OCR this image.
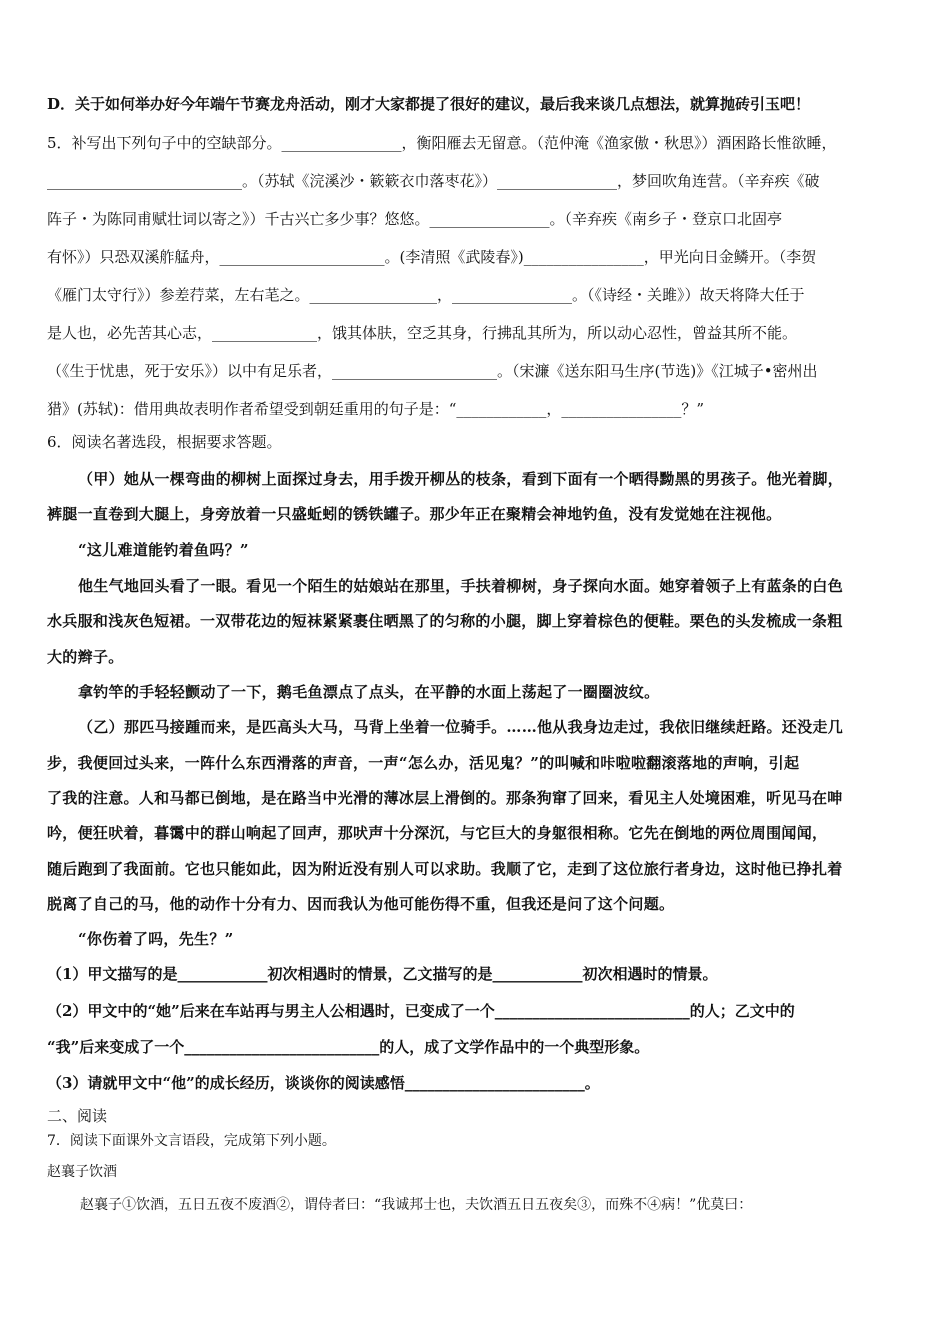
D．关于如何举办好今年端午节赛龙舟活动，刚才大家都提了很好的建议，最后我来谈几点想法，就算抛砖引玉吧！
5．补写出下列句子中的空缺部分。________________，衡阳雁去无留意。（范仲淹《渔家傲・秋思》）酒困路长惟欲睡，
__________________________。（苏轼《浣溪沙・簌簌衣巾落枣花》）________________，梦回吹角连营。（辛弃疾《破
阵子・为陈同甫赋壮词以寄之》）千古兴亡多少事？悠悠。________________。（辛弃疾《南乡子・登京口北固亭
有怀》）只恐双溪舴艋舟，______________________。(李清照《武陵春》)________________，甲光向日金鳞开。（李贺
《雁门太守行》）参差荇菜，左右芼之。_________________，________________。（《诗经・关雎》）故天将降大任于
是人也，必先苦其心志，______________，饿其体肤，空乏其身，行拂乱其所为，所以动心忍性，曾益其所不能。
（《生于忧患，死于安乐》）以中有足乐者，______________________。（宋濂《送东阳马生序(节选)》《江城子•密州出
猎》(苏轼)：借用典故表明作者希望受到朝廷重用的句子是：“____________，________________？”
6．阅读名著选段，根据要求答题。
（甲）她从一棵弯曲的柳树上面探过身去，用手拨开柳丛的枝条，看到下面有一个晒得黝黑的男孩子。他光着脚，
裤腿一直卷到大腿上，身旁放着一只盛蚯蚓的锈铁罐子。那少年正在聚精会神地钓鱼，没有发觉她在注视他。
“这儿难道能钓着鱼吗？”
他生气地回头看了一眼。看见一个陌生的姑娘站在那里，手扶着柳树，身子探向水面。她穿着领子上有蓝条的白色
水兵服和浅灰色短裙。一双带花边的短袜紧紧裹住晒黑了的匀称的小腿，脚上穿着棕色的便鞋。栗色的头发梳成一条粗
大的辫子。
拿钓竿的手轻轻颤动了一下，鹅毛鱼漂点了点头，在平静的水面上荡起了一圈圈波纹。
（乙）那匹马接踵而来，是匹高头大马，马背上坐着一位骑手。……他从我身边走过，我依旧继续赶路。还没走几
步，我便回过头来，一阵什么东西滑落的声音，一声“怎么办，活见鬼？”的叫喊和咔啦啦翻滚落地的声响，引起
了我的注意。人和马都已倒地，是在路当中光滑的薄冰层上滑倒的。那条狗窜了回来，看见主人处境困难，听见马在呻
吟，便狂吠着，暮霭中的群山响起了回声，那吠声十分深沉，与它巨大的身躯很相称。它先在倒地的两位周围闻闻，
随后跑到了我面前。它也只能如此，因为附近没有别人可以求助。我顺了它，走到了这位旅行者身边，这时他已挣扎着
脱离了自己的马，他的动作十分有力、因而我认为他可能伤得不重，但我还是问了这个问题。
“你伤着了吗，先生？”
（1）甲文描写的是____________初次相遇时的情景，乙文描写的是____________初次相遇时的情景。
（2）甲文中的“她”后来在车站再与男主人公相遇时，已变成了一个__________________________的人；乙文中的
“我”后来变成了一个__________________________的人，成了文学作品中的一个典型形象。
（3）请就甲文中“他”的成长经历，谈谈你的阅读感悟________________________。
二、阅读
7．阅读下面课外文言语段，完成第下列小题。
赵襄子饮酒
赵襄子①饮酒，五日五夜不废酒②，谓侍者曰：“我诚邦士也，夫饮酒五日五夜矣③，而殊不④病！”优莫曰：
